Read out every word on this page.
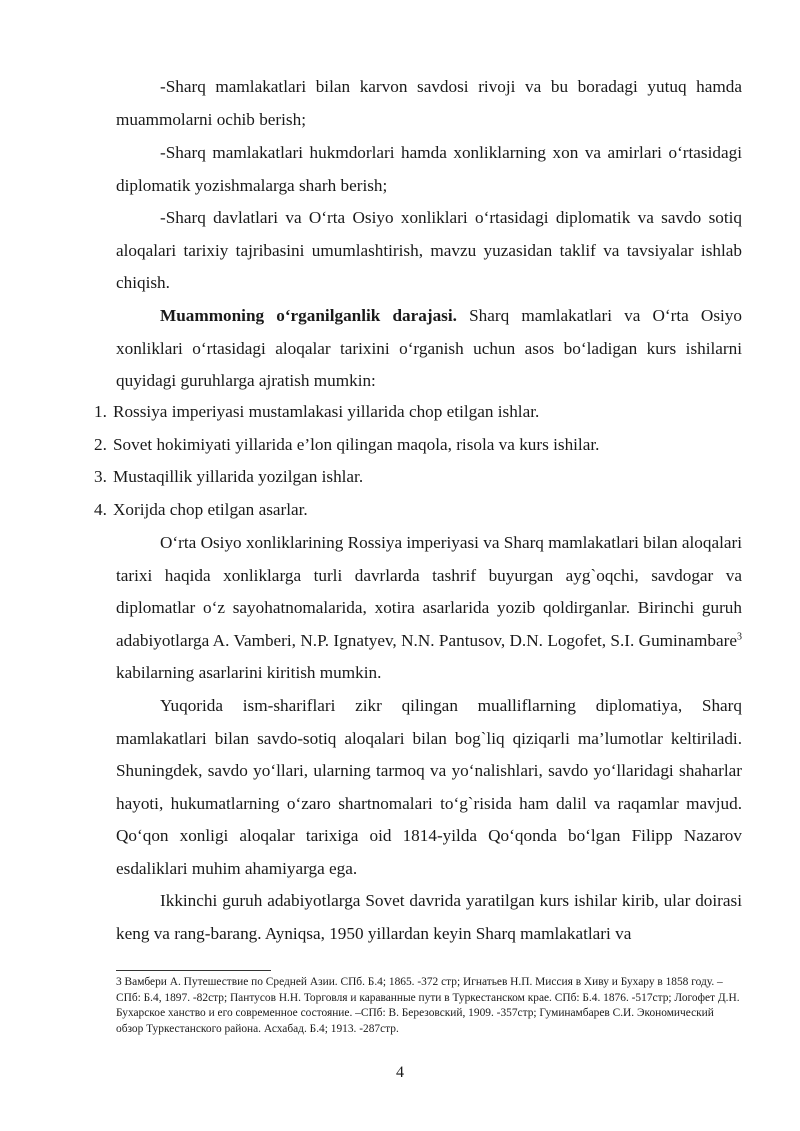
-Sharq mamlakatlari bilan karvon savdosi rivoji va bu boradagi yutuq hamda muammolarni ochib berish;

-Sharq mamlakatlari hukmdorlari hamda xonliklarning xon va amirlari o‘rtasidagi diplomatik yozishmalarga sharh berish;

-Sharq davlatlari va O‘rta Osiyo xonliklari o‘rtasidagi diplomatik va savdo sotiq aloqalari tarixiy tajribasini umumlashtirish, mavzu yuzasidan taklif va tavsiyalar ishlab chiqish.

Muammoning o‘rganilganlik darajasi. Sharq mamlakatlari va O‘rta Osiyo xonliklari o‘rtasidagi aloqalar tarixini o‘rganish uchun asos bo‘ladigan kurs ishilarni quyidagi guruhlarga ajratish mumkin:

1. Rossiya imperiyasi mustamlakasi yillarida chop etilgan ishlar.

2. Sovet hokimiyati yillarida e’lon qilingan maqola, risola va kurs ishilar.

3. Mustaqillik yillarida yozilgan ishlar.

4. Xorijda chop etilgan asarlar.

O‘rta Osiyo xonliklarining Rossiya imperiyasi va Sharq mamlakatlari bilan aloqalari tarixi haqida xonliklarga turli davrlarda tashrif buyurgan ayg`oqchi, savdogar va diplomatlar o‘z sayohatnomalarida, xotira asarlarida yozib qoldirganlar. Birinchi guruh adabiyotlarga A. Vamberi, N.P. Ignatyev, N.N. Pantusov, D.N. Logofet, S.I. Guminambare$^3$ kabilarning asarlarini kiritish mumkin.

Yuqorida ism-shariflari zikr qilingan mualliflarning diplomatiya, Sharq mamlakatlari bilan savdo-sotiq aloqalari bilan bog`liq qiziqarli ma’lumotlar keltiriladi. Shuningdek, savdo yo‘llari, ularning tarmoq va yo‘nalishlari, savdo yo‘llaridagi shaharlar hayoti, hukumatlarning o‘zaro shartnomalari to‘g`risida ham dalil va raqamlar mavjud. Qo‘qon xonligi aloqalar tarixiga oid 1814-yilda Qo‘qonda bo‘lgan Filipp Nazarov esdaliklari muhim ahamiyarga ega.

Ikkinchi guruh adabiyotlarga Sovet davrida yaratilgan kurs ishilar kirib, ular doirasi keng va rang-barang. Ayniqsa, 1950 yillardan keyin Sharq mamlakatlari va

3 Вамбери А. Путешествие по Средней Азии. СПб. Б.4; 1865. -372 стр; Игнатьев Н.П. Миссия в Хиву и Бухару в 1858 году. –СПб: Б.4, 1897. -82стр; Пантусов Н.Н. Торговля и караванные пути в Туркестанском крае. СПб: Б.4. 1876. -517стр; Логофет Д.Н. Бухарское ханство и его современное состояние. –СПб: В. Березовский, 1909. -357стр; Гуминамбарев С.И. Экономический обзор Туркестанского района. Асхабад. Б.4; 1913. -287стр.

4
